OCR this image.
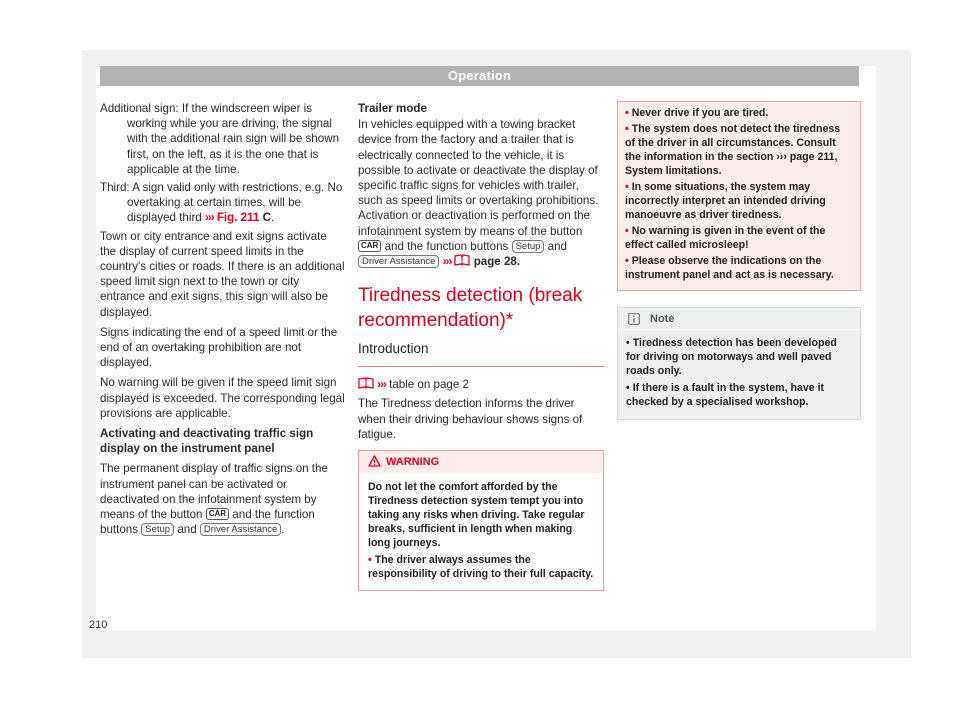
Operation

Additional sign: If the windscreen wiper is working while you are driving, the signal with the additional rain sign will be shown first, on the left, as it is the one that is applicable at the time.

Third: A sign valid only with restrictions, e.g. No overtaking at certain times, will be displayed third ››› Fig. 211 C.

Town or city entrance and exit signs activate the display of current speed limits in the country's cities or roads. If there is an additional speed limit sign next to the town or city entrance and exit signs, this sign will also be displayed.

Signs indicating the end of a speed limit or the end of an overtaking prohibition are not displayed.

No warning will be given if the speed limit sign displayed is exceeded. The corresponding legal provisions are applicable.

Activating and deactivating traffic sign display on the instrument panel

The permanent display of traffic signs on the instrument panel can be activated or deactivated on the infotainment system by means of the button CAR and the function buttons Setup and Driver Assistance .

Trailer mode

In vehicles equipped with a towing bracket device from the factory and a trailer that is electrically connected to the vehicle, it is possible to activate or deactivate the display of specific traffic signs for vehicles with trailer, such as speed limits or overtaking prohibitions. Activation or deactivation is performed on the infotainment system by means of the button CAR and the function buttons Setup and Driver Assistance ››› page 28.

Tiredness detection (break recommendation)*
Introduction

››› table on page 2

The Tiredness detection informs the driver when their driving behaviour shows signs of fatigue.

WARNING

Do not let the comfort afforded by the Tiredness detection system tempt you into taking any risks when driving. Take regular breaks, sufficient in length when making long journeys.

• The driver always assumes the responsibility of driving to their full capacity.

• Never drive if you are tired.

• The system does not detect the tiredness of the driver in all circumstances. Consult the information in the section ››› page 211, System limitations.

• In some situations, the system may incorrectly interpret an intended driving manoeuvre as driver tiredness.

• No warning is given in the event of the effect called microsleep!

• Please observe the indications on the instrument panel and act as is necessary.

Note

• Tiredness detection has been developed for driving on motorways and well paved roads only.

• If there is a fault in the system, have it checked by a specialised workshop.

210
